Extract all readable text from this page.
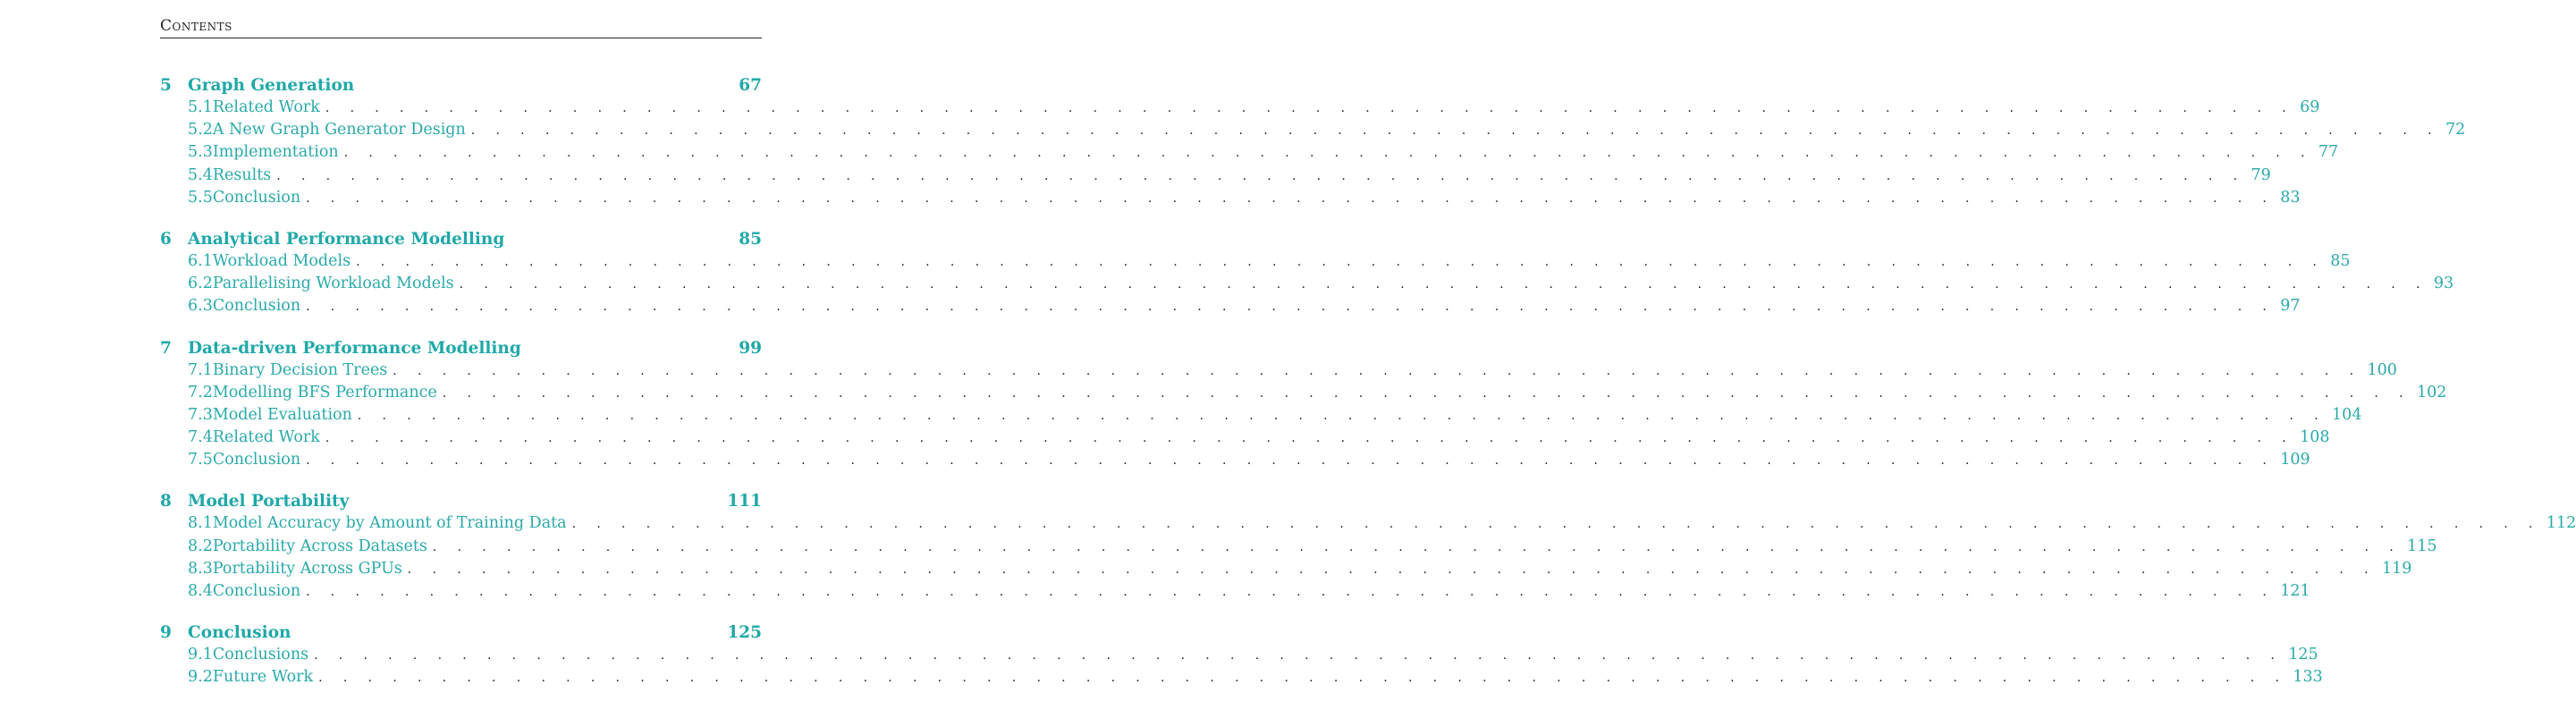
Contents
5 Graph Generation	67
5.1 Related Work . . . . . . . . . . . . . . . . . . . . . . . . . . . . . . . . . . . . . . . . . . . . . . . . . . . . . . . . . . . . . . . . . . . . . . . . . . . . . . . . 69
5.2 A New Graph Generator Design . . . . . . . . . . . . . . . . . . . . . . . . . . . . . . . . . . . . . . . . . . . . . . . . . . . . . . . . . . . . . . . . . . . . . . . . . . . . . . . . 72
5.3 Implementation . . . . . . . . . . . . . . . . . . . . . . . . . . . . . . . . . . . . . . . . . . . . . . . . . . . . . . . . . . . . . . . . . . . . . . . . . . . . . . . . 77
5.4 Results . . . . . . . . . . . . . . . . . . . . . . . . . . . . . . . . . . . . . . . . . . . . . . . . . . . . . . . . . . . . . . . . . . . . . . . . . . . . . . . . 79
5.5 Conclusion . . . . . . . . . . . . . . . . . . . . . . . . . . . . . . . . . . . . . . . . . . . . . . . . . . . . . . . . . . . . . . . . . . . . . . . . . . . . . . . . 83
6 Analytical Performance Modelling	85
6.1 Workload Models . . . . . . . . . . . . . . . . . . . . . . . . . . . . . . . . . . . . . . . . . . . . . . . . . . . . . . . . . . . . . . . . . . . . . . . . . . . . . . . . 85
6.2 Parallelising Workload Models . . . . . . . . . . . . . . . . . . . . . . . . . . . . . . . . . . . . . . . . . . . . . . . . . . . . . . . . . . . . . . . . . . . . . . . . . . . . . . . . 93
6.3 Conclusion . . . . . . . . . . . . . . . . . . . . . . . . . . . . . . . . . . . . . . . . . . . . . . . . . . . . . . . . . . . . . . . . . . . . . . . . . . . . . . . . 97
7 Data-driven Performance Modelling	99
7.1 Binary Decision Trees . . . . . . . . . . . . . . . . . . . . . . . . . . . . . . . . . . . . . . . . . . . . . . . . . . . . . . . . . . . . . . . . . . . . . . . . . . . . . . . . 100
7.2 Modelling BFS Performance . . . . . . . . . . . . . . . . . . . . . . . . . . . . . . . . . . . . . . . . . . . . . . . . . . . . . . . . . . . . . . . . . . . . . . . . . . . . . . . . 102
7.3 Model Evaluation . . . . . . . . . . . . . . . . . . . . . . . . . . . . . . . . . . . . . . . . . . . . . . . . . . . . . . . . . . . . . . . . . . . . . . . . . . . . . . . . 104
7.4 Related Work . . . . . . . . . . . . . . . . . . . . . . . . . . . . . . . . . . . . . . . . . . . . . . . . . . . . . . . . . . . . . . . . . . . . . . . . . . . . . . . . 108
7.5 Conclusion . . . . . . . . . . . . . . . . . . . . . . . . . . . . . . . . . . . . . . . . . . . . . . . . . . . . . . . . . . . . . . . . . . . . . . . . . . . . . . . . 109
8 Model Portability	111
8.1 Model Accuracy by Amount of Training Data . . . . . . . . . . . . . . . . . . . . . . . . . . . . . . . . . . . . . . . . . . . . . . . . . . . . . . . . . . . . . . . . . . . . . . . . . . . . . . . . 112
8.2 Portability Across Datasets . . . . . . . . . . . . . . . . . . . . . . . . . . . . . . . . . . . . . . . . . . . . . . . . . . . . . . . . . . . . . . . . . . . . . . . . . . . . . . . . 115
8.3 Portability Across GPUs . . . . . . . . . . . . . . . . . . . . . . . . . . . . . . . . . . . . . . . . . . . . . . . . . . . . . . . . . . . . . . . . . . . . . . . . . . . . . . . . 119
8.4 Conclusion . . . . . . . . . . . . . . . . . . . . . . . . . . . . . . . . . . . . . . . . . . . . . . . . . . . . . . . . . . . . . . . . . . . . . . . . . . . . . . . . 121
9 Conclusion	125
9.1 Conclusions . . . . . . . . . . . . . . . . . . . . . . . . . . . . . . . . . . . . . . . . . . . . . . . . . . . . . . . . . . . . . . . . . . . . . . . . . . . . . . . . 125
9.2 Future Work . . . . . . . . . . . . . . . . . . . . . . . . . . . . . . . . . . . . . . . . . . . . . . . . . . . . . . . . . . . . . . . . . . . . . . . . . . . . . . . . 133
